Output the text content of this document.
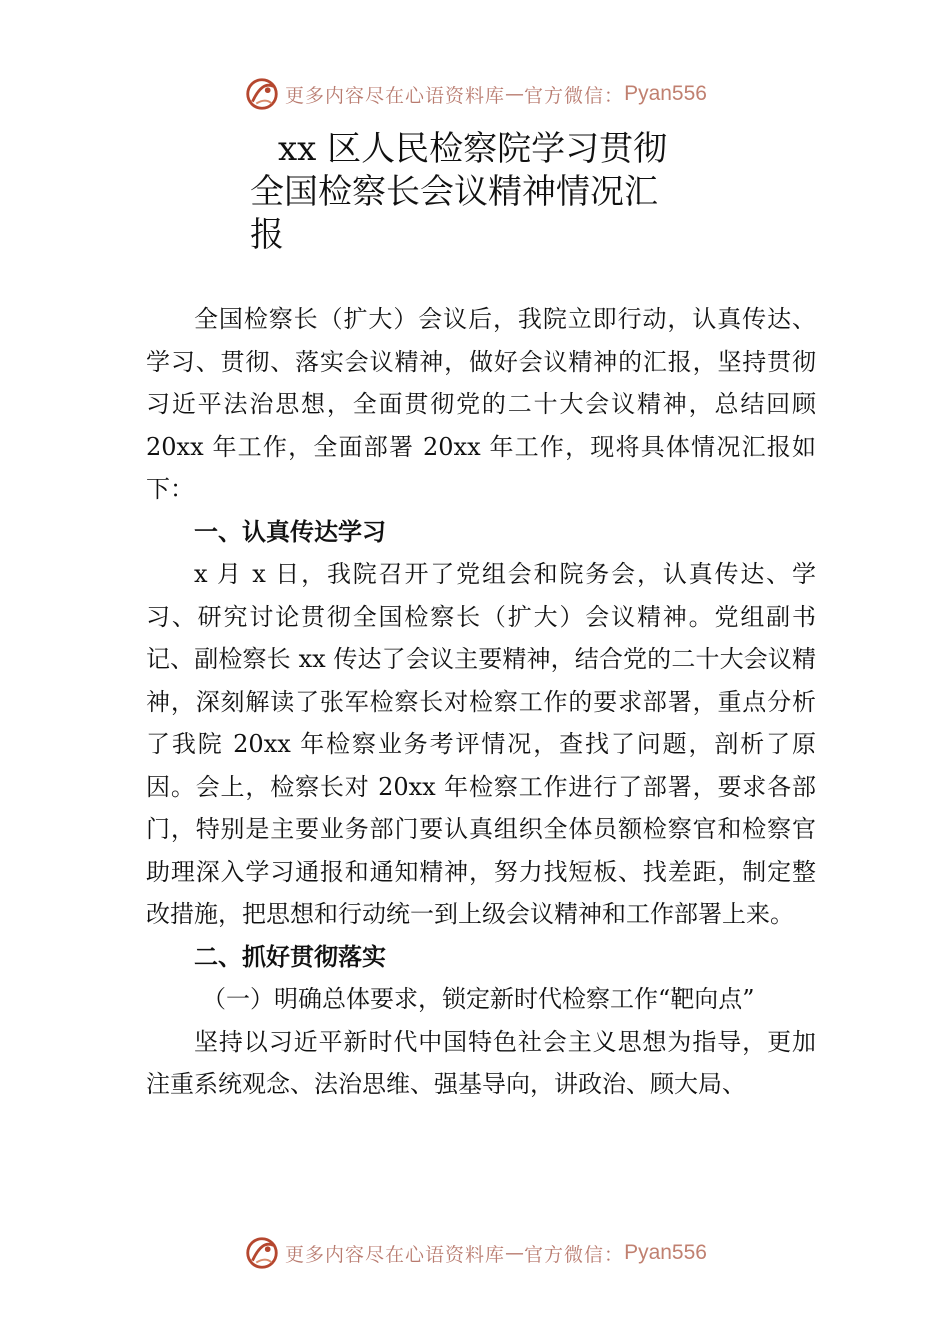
更多内容尽在心语资料库 — 官方微信： Pyan556
xx 区人民检察院学习贯彻
全国检察长会议精神情况汇
报

全国检察长（扩大）会议后，我院立即行动，认真传达、学习、贯彻、落实会议精神，做好会议精神的汇报，坚持贯彻习近平法治思想，全面贯彻党的二十大会议精神，总结回顾 20xx 年工作，全面部署 20xx 年工作，现将具体情况汇报如下：

一、认真传达学习

x 月 x 日，我院召开了党组会和院务会，认真传达、学习、研究讨论贯彻全国检察长（扩大）会议精神。党组副书记、副检察长 xx 传达了会议主要精神，结合党的二十大会议精神，深刻解读了张军检察长对检察工作的要求部署，重点分析了我院 20xx 年检察业务考评情况，查找了问题，剖析了原因。会上，检察长对 20xx 年检察工作进行了部署，要求各部门，特别是主要业务部门要认真组织全体员额检察官和检察官助理深入学习通报和通知精神，努力找短板、找差距，制定整改措施，把思想和行动统一到上级会议精神和工作部署上来。

二、抓好贯彻落实

（一）明确总体要求，锁定新时代检察工作“靶向点”

坚持以习近平新时代中国特色社会主义思想为指导，更加注重系统观念、法治思维、强基导向，讲政治、顾大局、

更多内容尽在心语资料库 — 官方微信： Pyan556
